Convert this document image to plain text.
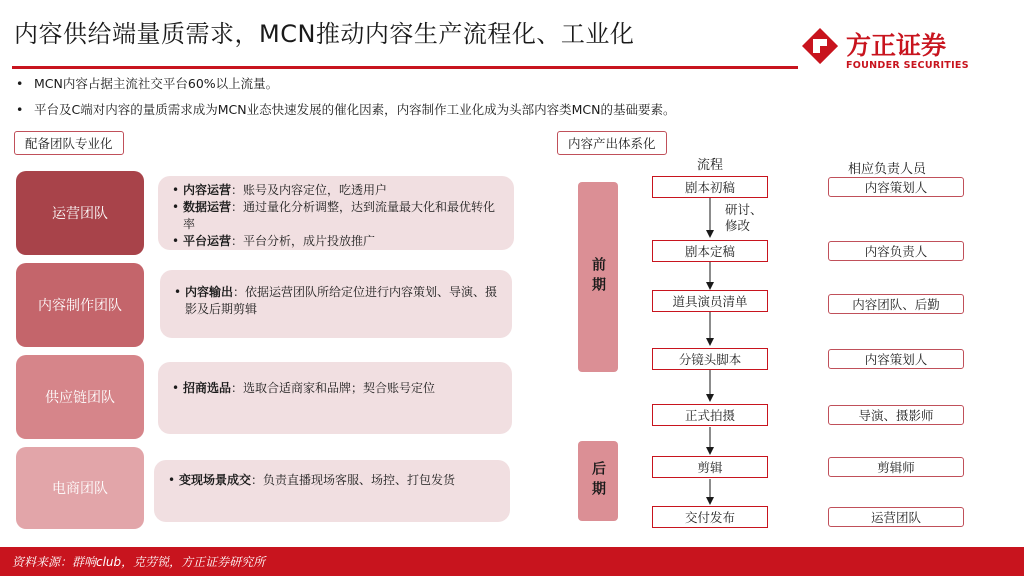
内容供给端量质需求，MCN推动内容生产流程化、工业化	方正证券
FOUNDER SECURITIES
• MCN内容占据主流社交平台60%以上流量。
• 平台及C端对内容的量质需求成为MCN业态快速发展的催化因素，内容制作工业化成为头部内容类MCN的基础要素。
配备团队专业化
运营团队
• 内容运营：账号及内容定位，吃透用户
• 数据运营：通过量化分析调整，达到流量最大化和最优转化率
• 平台运营：平台分析，成片投放推广
内容制作团队
• 内容输出：依据运营团队所给定位进行内容策划、导演、摄影及后期剪辑
供应链团队
• 招商选品：选取合适商家和品牌；契合账号定位
电商团队
• 变现场景成交：负责直播现场客服、场控、打包发货
内容产出体系化
流程	相应负责人员
前期
后期
研讨、修改
剧本初稿
剧本定稿
道具演员清单
分镜头脚本
正式拍摄
剪辑
交付发布
内容策划人
内容负责人
内容团队、后勤
内容策划人
导演、摄影师
剪辑师
运营团队
资料来源：群响club，克劳锐，方正证券研究所
